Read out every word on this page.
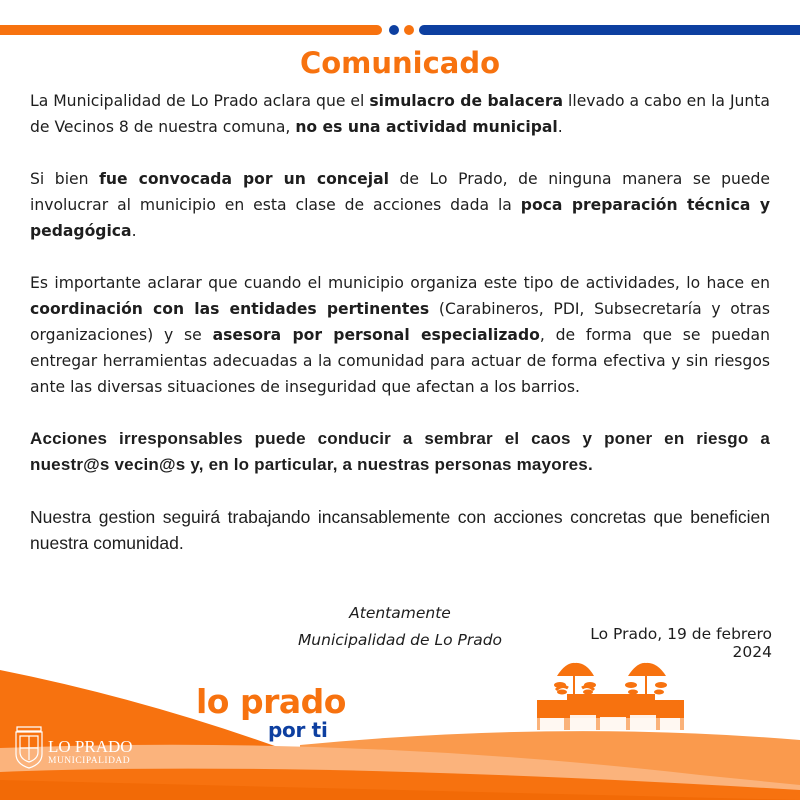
Comunicado

La Municipalidad de Lo Prado aclara que el simulacro de balacera llevado a cabo en la Junta de Vecinos 8 de nuestra comuna, no es una actividad municipal.

Si bien fue convocada por un concejal de Lo Prado, de ninguna manera se puede involucrar al municipio en esta clase de acciones dada la poca preparación técnica y pedagógica.

Es importante aclarar que cuando el municipio organiza este tipo de actividades, lo hace en coordinación con las entidades pertinentes (Carabineros, PDI, Subsecretaría y otras organizaciones) y se asesora por personal especializado, de forma que se puedan entregar herramientas adecuadas a la comunidad para actuar de forma efectiva y sin riesgos ante las diversas situaciones de inseguridad que afectan a los barrios.

Acciones irresponsables puede conducir a sembrar el caos y poner en riesgo a nuestr@s vecin@s y, en lo particular, a nuestras personas mayores.

Nuestra gestion seguirá trabajando incansablemente con acciones concretas que beneficien nuestra comunidad.

Atentamente
Municipalidad de Lo Prado	Lo Prado, 19 de febrero 2024
lo prado
por ti
LO PRADO
MUNICIPALIDAD
